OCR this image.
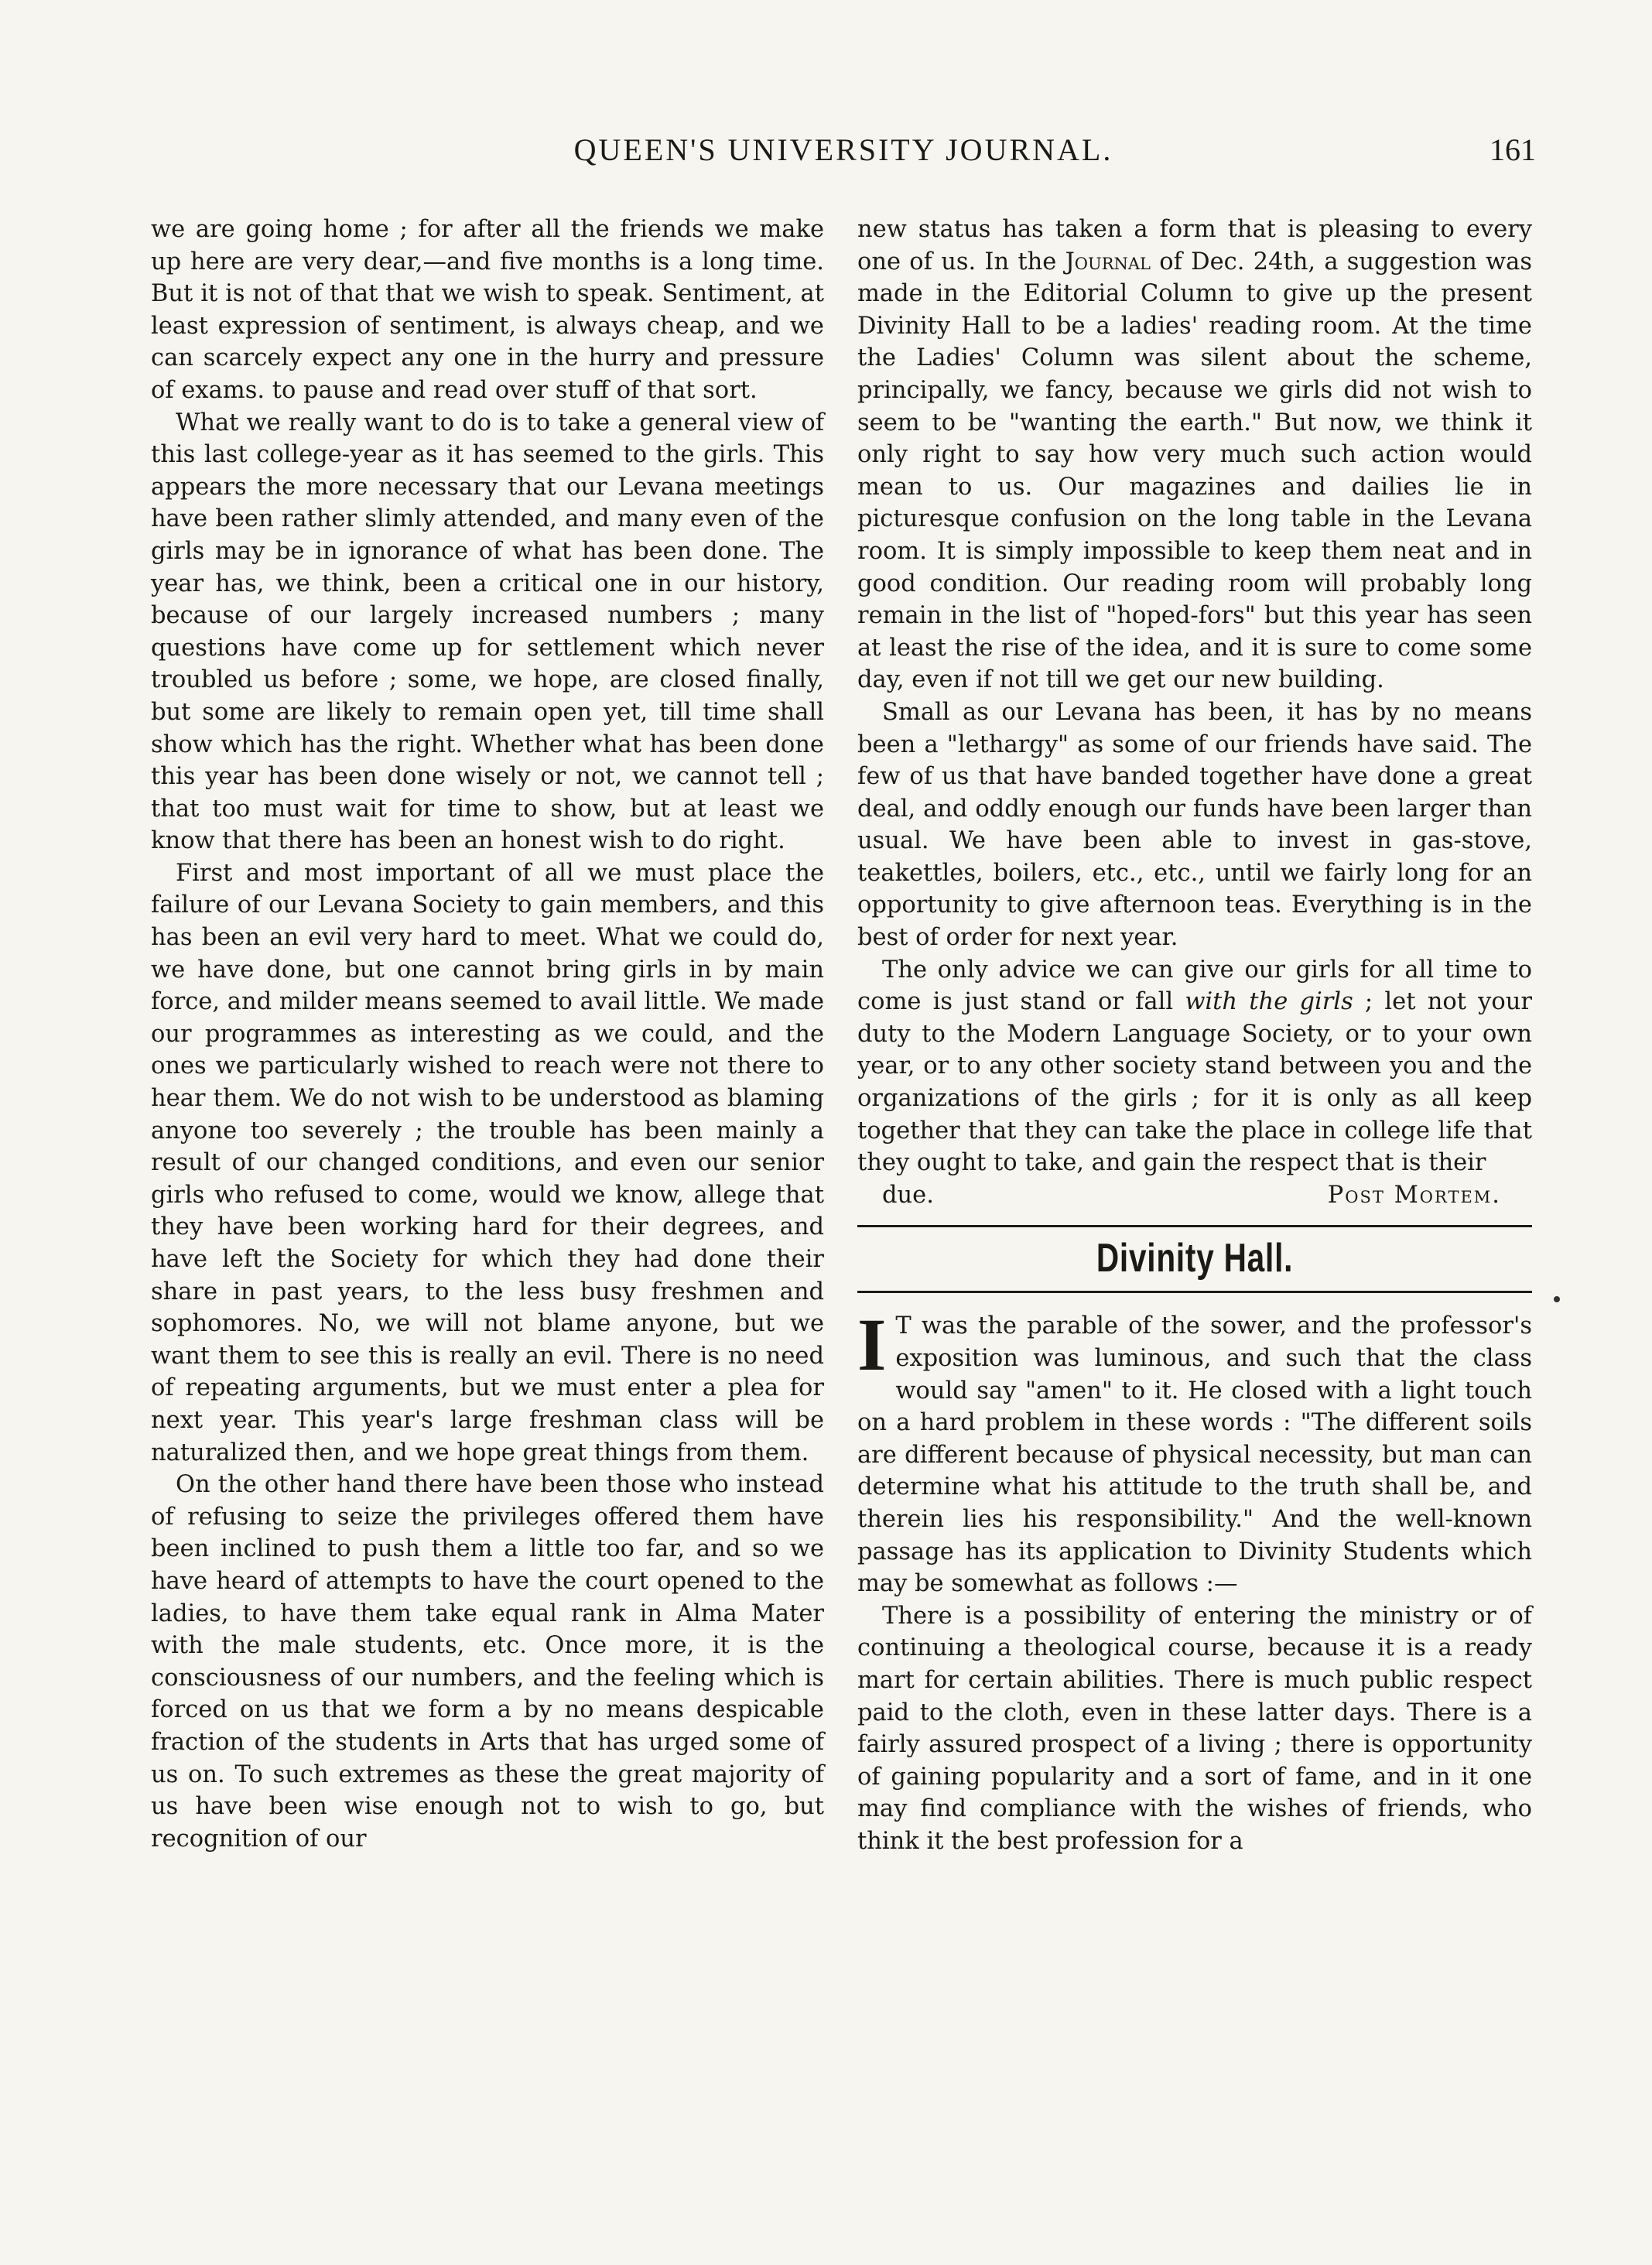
QUEEN'S UNIVERSITY JOURNAL.	161

we are going home ; for after all the friends we make up here are very dear,—and five months is a long time. But it is not of that that we wish to speak. Sentiment, at least expression of sentiment, is always cheap, and we can scarcely expect any one in the hurry and pressure of exams. to pause and read over stuff of that sort.

What we really want to do is to take a general view of this last college-year as it has seemed to the girls. This appears the more necessary that our Levana meetings have been rather slimly attended, and many even of the girls may be in ignorance of what has been done. The year has, we think, been a critical one in our history, because of our largely increased numbers ; many questions have come up for settlement which never troubled us before ; some, we hope, are closed finally, but some are likely to remain open yet, till time shall show which has the right. Whether what has been done this year has been done wisely or not, we cannot tell ; that too must wait for time to show, but at least we know that there has been an honest wish to do right.

First and most important of all we must place the failure of our Levana Society to gain members, and this has been an evil very hard to meet. What we could do, we have done, but one cannot bring girls in by main force, and milder means seemed to avail little. We made our programmes as interesting as we could, and the ones we particularly wished to reach were not there to hear them. We do not wish to be understood as blaming anyone too severely ; the trouble has been mainly a result of our changed conditions, and even our senior girls who refused to come, would we know, allege that they have been working hard for their degrees, and have left the Society for which they had done their share in past years, to the less busy freshmen and sophomores. No, we will not blame anyone, but we want them to see this is really an evil. There is no need of repeating arguments, but we must enter a plea for next year. This year's large freshman class will be naturalized then, and we hope great things from them.

On the other hand there have been those who instead of refusing to seize the privileges offered them have been inclined to push them a little too far, and so we have heard of attempts to have the court opened to the ladies, to have them take equal rank in Alma Mater with the male students, etc. Once more, it is the consciousness of our numbers, and the feeling which is forced on us that we form a by no means despicable fraction of the students in Arts that has urged some of us on. To such extremes as these the great majority of us have been wise enough not to wish to go, but recognition of our

new status has taken a form that is pleasing to every one of us. In the Journal of Dec. 24th, a suggestion was made in the Editorial Column to give up the present Divinity Hall to be a ladies' reading room. At the time the Ladies' Column was silent about the scheme, principally, we fancy, because we girls did not wish to seem to be "wanting the earth." But now, we think it only right to say how very much such action would mean to us. Our magazines and dailies lie in picturesque confusion on the long table in the Levana room. It is simply impossible to keep them neat and in good condition. Our reading room will probably long remain in the list of "hoped-fors" but this year has seen at least the rise of the idea, and it is sure to come some day, even if not till we get our new building.

Small as our Levana has been, it has by no means been a "lethargy" as some of our friends have said. The few of us that have banded together have done a great deal, and oddly enough our funds have been larger than usual. We have been able to invest in gas-stove, teakettles, boilers, etc., etc., until we fairly long for an opportunity to give afternoon teas. Everything is in the best of order for next year.

The only advice we can give our girls for all time to come is just stand or fall with the girls ; let not your duty to the Modern Language Society, or to your own year, or to any other society stand between you and the organizations of the girls ; for it is only as all keep together that they can take the place in college life that they ought to take, and gain the respect that is their

due.	Post Mortem.

Divinity Hall.

I T was the parable of the sower, and the professor's exposition was luminous, and such that the class would say "amen" to it. He closed with a light touch on a hard problem in these words : "The different soils are different because of physical necessity, but man can determine what his attitude to the truth shall be, and therein lies his responsibility." And the well-known passage has its application to Divinity Students which may be somewhat as follows :—

There is a possibility of entering the ministry or of continuing a theological course, because it is a ready mart for certain abilities. There is much public respect paid to the cloth, even in these latter days. There is a fairly assured prospect of a living ; there is opportunity of gaining popularity and a sort of fame, and in it one may find compliance with the wishes of friends, who think it the best profession for a
